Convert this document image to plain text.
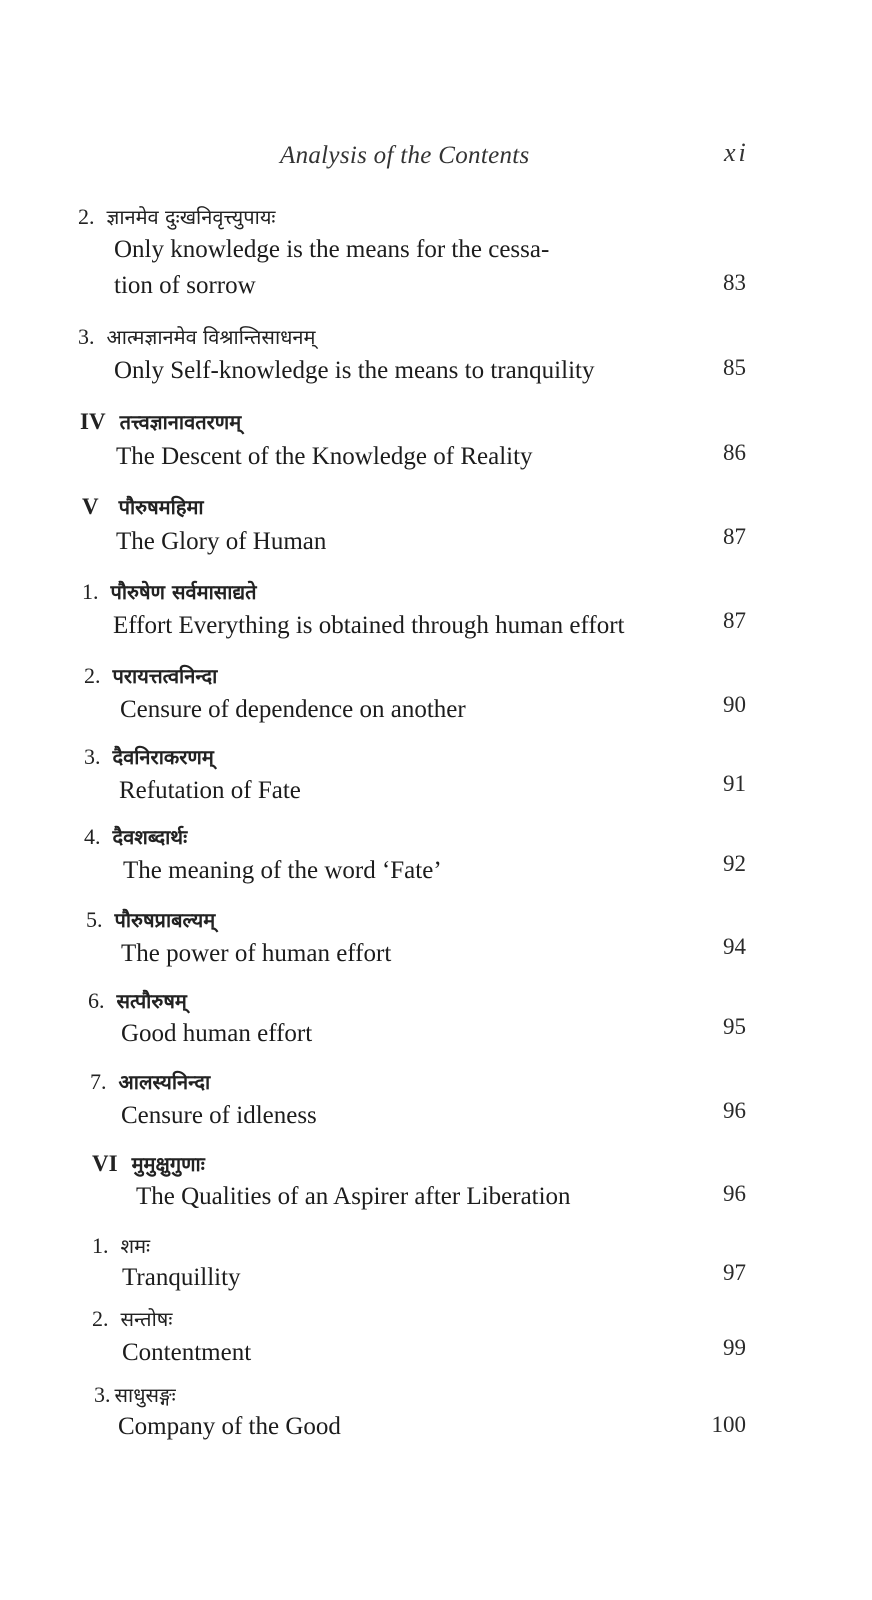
Analysis of the Contents	xi
2. ज्ञानमेव दुःखनिवृत्त्युपायः
Only knowledge is the means for the cessa-
tion of sorrow	83
3. आत्मज्ञानमेव विश्रान्तिसाधनम्
Only Self-knowledge is the means to tranquility	85
IV तत्त्वज्ञानावतरणम्
The Descent of the Knowledge of Reality	86
V पौरुषमहिमा
The Glory of Human	87
1. पौरुषेण सर्वमासाद्यते
Effort Everything is obtained through human effort	87
2. परायत्तत्वनिन्दा
Censure of dependence on another	90
3. दैवनिराकरणम्
Refutation of Fate	91
4. दैवशब्दार्थः
The meaning of the word ‘Fate’	92
5. पौरुषप्राबल्यम्
The power of human effort	94
6. सत्पौरुषम्
Good human effort	95
7. आलस्यनिन्दा
Censure of idleness	96
VI मुमुक्षुगुणाः
The Qualities of an Aspirer after Liberation	96
1. शमः
Tranquillity	97
2. सन्तोषः
Contentment	99
3. साधुसङ्गः
Company of the Good	100
